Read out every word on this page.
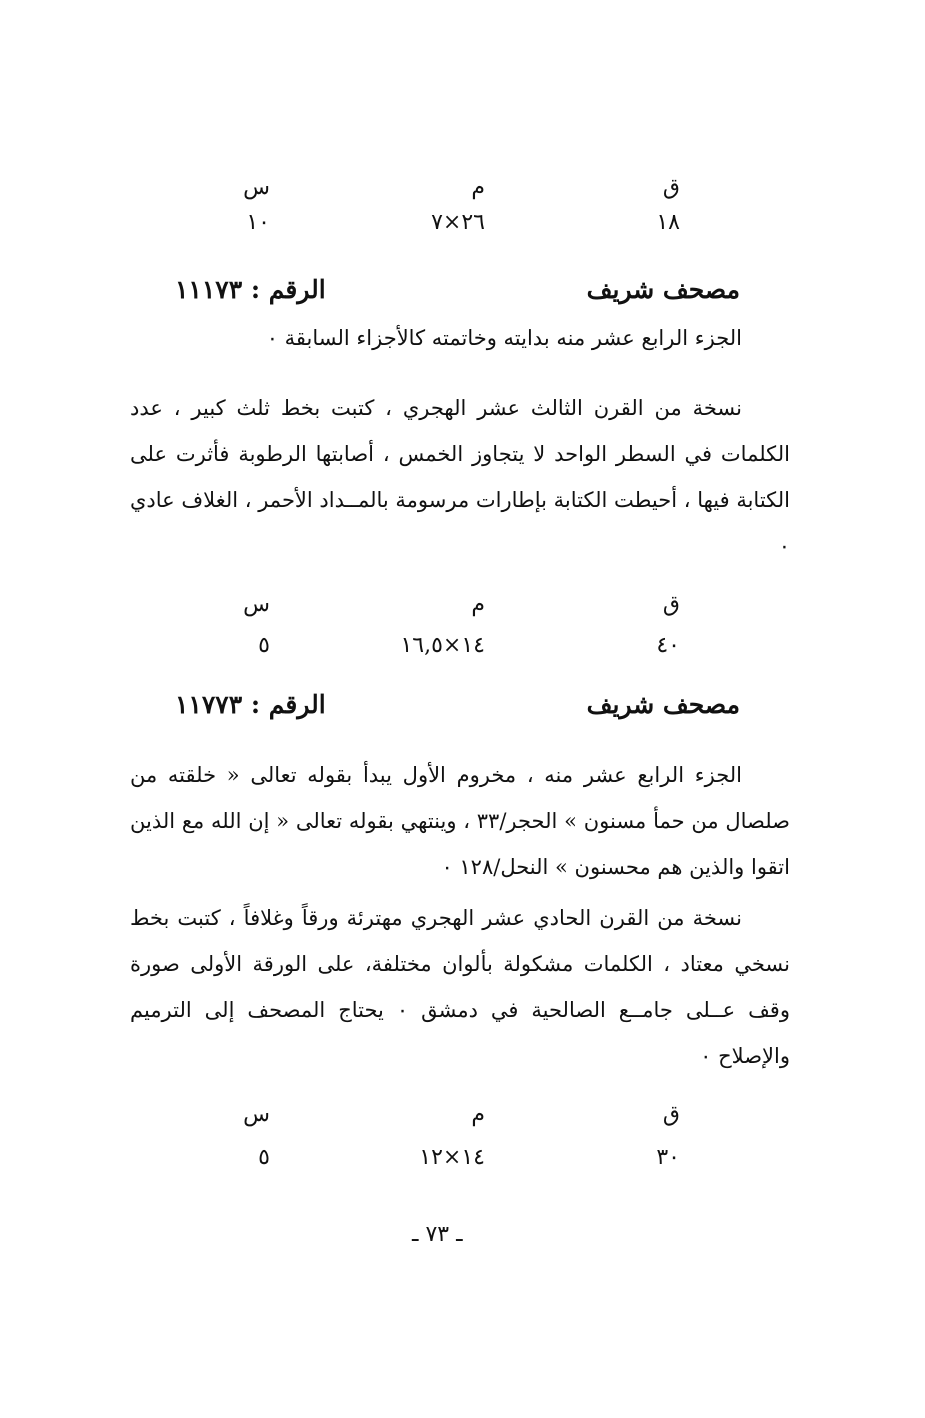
ق
م
س
١٨
٢٦×٧
١٠
مصحف شريف
الرقم : ١١١٧٣

الجزء الرابع عشر منه بدايته وخاتمته كالأجزاء السابقة ٠

نسخة من القرن الثالث عشر الهجري ، كتبت بخط ثلث كبير ، عدد الكلمات في السطر الواحد لا يتجاوز الخمس ، أصابتها الرطوبة فأثرت على الكتابة فيها ، أحيطت الكتابة بإطارات مرسومة بالمــداد الأحمر ، الغلاف عادي ٠

ق
م
س
٤٠
١٤×١٦,٥
٥
مصحف شريف
الرقم : ١١٧٧٣

الجزء الرابع عشر منه ، مخروم الأول يبدأ بقوله تعالى « خلقته من صلصال من حمأ مسنون » الحجر/٣٣ ، وينتهي بقوله تعالى « إن الله مع الذين اتقوا والذين هم محسنون » النحل/١٢٨ ٠

نسخة من القرن الحادي عشر الهجري مهترئة ورقاً وغلافاً ، كتبت بخط نسخي معتاد ، الكلمات مشكولة بألوان مختلفة، على الورقة الأولى صورة وقف عــلى جامــع الصالحية في دمشق ٠ يحتاج المصحف إلى الترميم والإصلاح ٠

ق
م
س
٣٠
١٤×١٢
٥
ـ ٧٣ ـ
